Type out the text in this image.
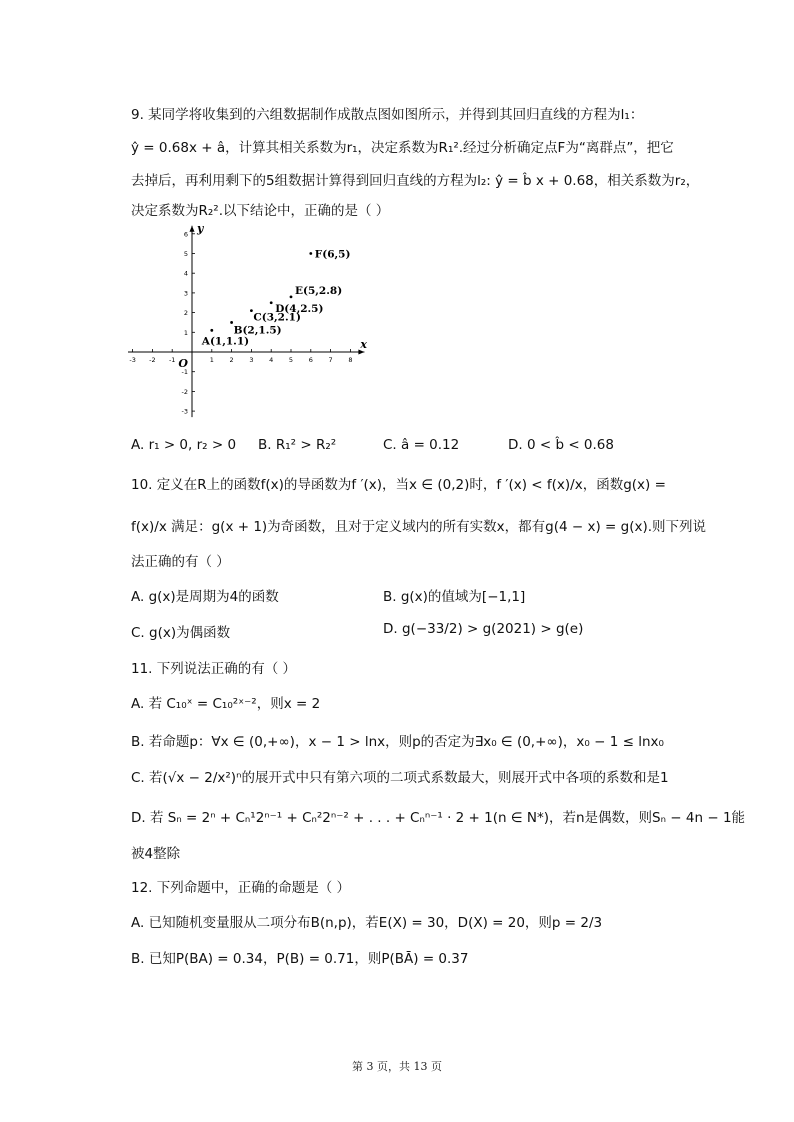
9. 某同学将收集到的六组数据制作成散点图如图所示，并得到其回归直线的方程为l₁：
ŷ = 0.68x + â，计算其相关系数为r₁，决定系数为R₁².经过分析确定点F为“离群点”，把它
去掉后，再利用剩下的5组数据计算得到回归直线的方程为l₂: ŷ = b̂ x + 0.68，相关系数为r₂，
决定系数为R₂².以下结论中，正确的是（ ）
x
y
O
-3 -2 -1	1 2 3 4 5 6 7 8
-3
-2
-1
1
2
3
4
5
6
A(1,1.1)
B(2,1.5)
C(3,2.1)
D(4,2.5)
E(5,2.8)
F(6,5)
A. r₁ > 0, r₂ > 0 B. R₁² > R₂²	C. â = 0.12	D. 0 < b̂ < 0.68
10. 定义在R上的函数f(x)的导函数为f ′(x)，当x ∈ (0,2)时，f ′(x) < f(x)/x，函数g(x) =
f(x)/x 满足：g(x + 1)为奇函数，且对于定义域内的所有实数x，都有g(4 − x) = g(x).则下列说
法正确的有（ ）
A. g(x)是周期为4的函数	B. g(x)的值域为[−1,1]
C. g(x)为偶函数	D. g(−33/2) > g(2021) > g(e)
11. 下列说法正确的有（ ）
A. 若 C₁₀ˣ = C₁₀²ˣ⁻²，则x = 2
B. 若命题p：∀x ∈ (0,+∞)，x − 1 > lnx，则p的否定为∃x₀ ∈ (0,+∞)，x₀ − 1 ≤ lnx₀
C. 若(√x − 2/x²)ⁿ的展开式中只有第六项的二项式系数最大，则展开式中各项的系数和是1
D. 若 Sₙ = 2ⁿ + Cₙ¹2ⁿ⁻¹ + Cₙ²2ⁿ⁻² + . . . + Cₙⁿ⁻¹ · 2 + 1(n ∈ N*)，若n是偶数，则Sₙ − 4n − 1能
被4整除
12. 下列命题中，正确的命题是（ ）
A. 已知随机变量服从二项分布B(n,p)，若E(X) = 30，D(X) = 20，则p = 2/3
B. 已知P(BA) = 0.34，P(B) = 0.71，则P(BĀ) = 0.37
第 3 页，共 13 页
